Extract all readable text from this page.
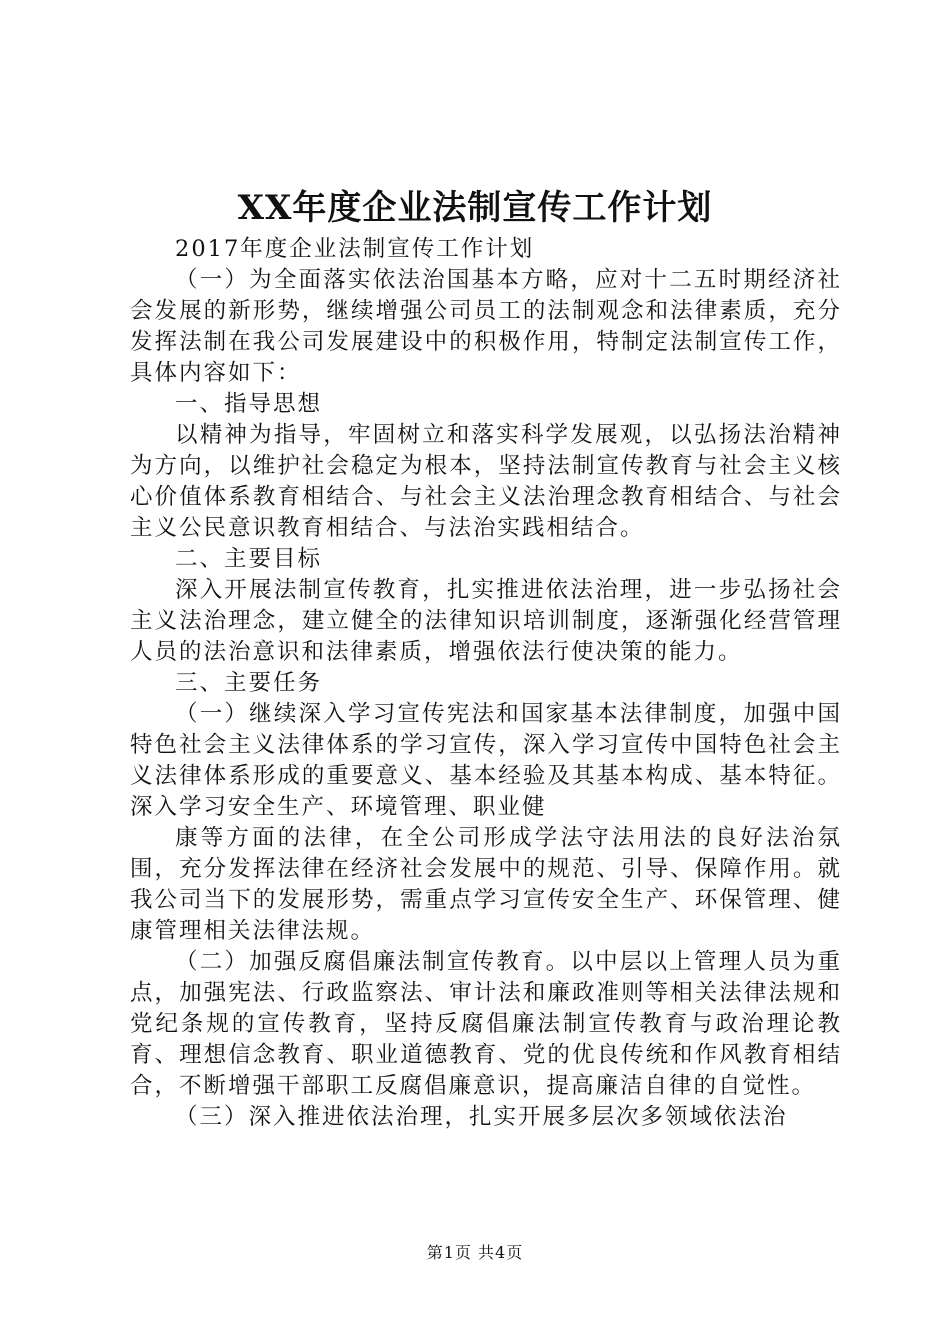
XX年度企业法制宣传工作计划

2017年度企业法制宣传工作计划

（一）为全面落实依法治国基本方略，应对十二五时期经济社会发展的新形势，继续增强公司员工的法制观念和法律素质，充分发挥法制在我公司发展建设中的积极作用，特制定法制宣传工作，具体内容如下：

一、指导思想

以精神为指导，牢固树立和落实科学发展观，以弘扬法治精神为方向，以维护社会稳定为根本，坚持法制宣传教育与社会主义核心价值体系教育相结合、与社会主义法治理念教育相结合、与社会主义公民意识教育相结合、与法治实践相结合。

二、主要目标

深入开展法制宣传教育，扎实推进依法治理，进一步弘扬社会主义法治理念，建立健全的法律知识培训制度，逐渐强化经营管理人员的法治意识和法律素质，增强依法行使决策的能力。

三、主要任务

（一）继续深入学习宣传宪法和国家基本法律制度，加强中国特色社会主义法律体系的学习宣传，深入学习宣传中国特色社会主义法律体系形成的重要意义、基本经验及其基本构成、基本特征。深入学习安全生产、环境管理、职业健

康等方面的法律，在全公司形成学法守法用法的良好法治氛围，充分发挥法律在经济社会发展中的规范、引导、保障作用。就我公司当下的发展形势，需重点学习宣传安全生产、环保管理、健康管理相关法律法规。

（二）加强反腐倡廉法制宣传教育。以中层以上管理人员为重点，加强宪法、行政监察法、审计法和廉政准则等相关法律法规和党纪条规的宣传教育，坚持反腐倡廉法制宣传教育与政治理论教育、理想信念教育、职业道德教育、党的优良传统和作风教育相结合，不断增强干部职工反腐倡廉意识，提高廉洁自律的自觉性。

（三）深入推进依法治理，扎实开展多层次多领域依法治

第1页 共4页
